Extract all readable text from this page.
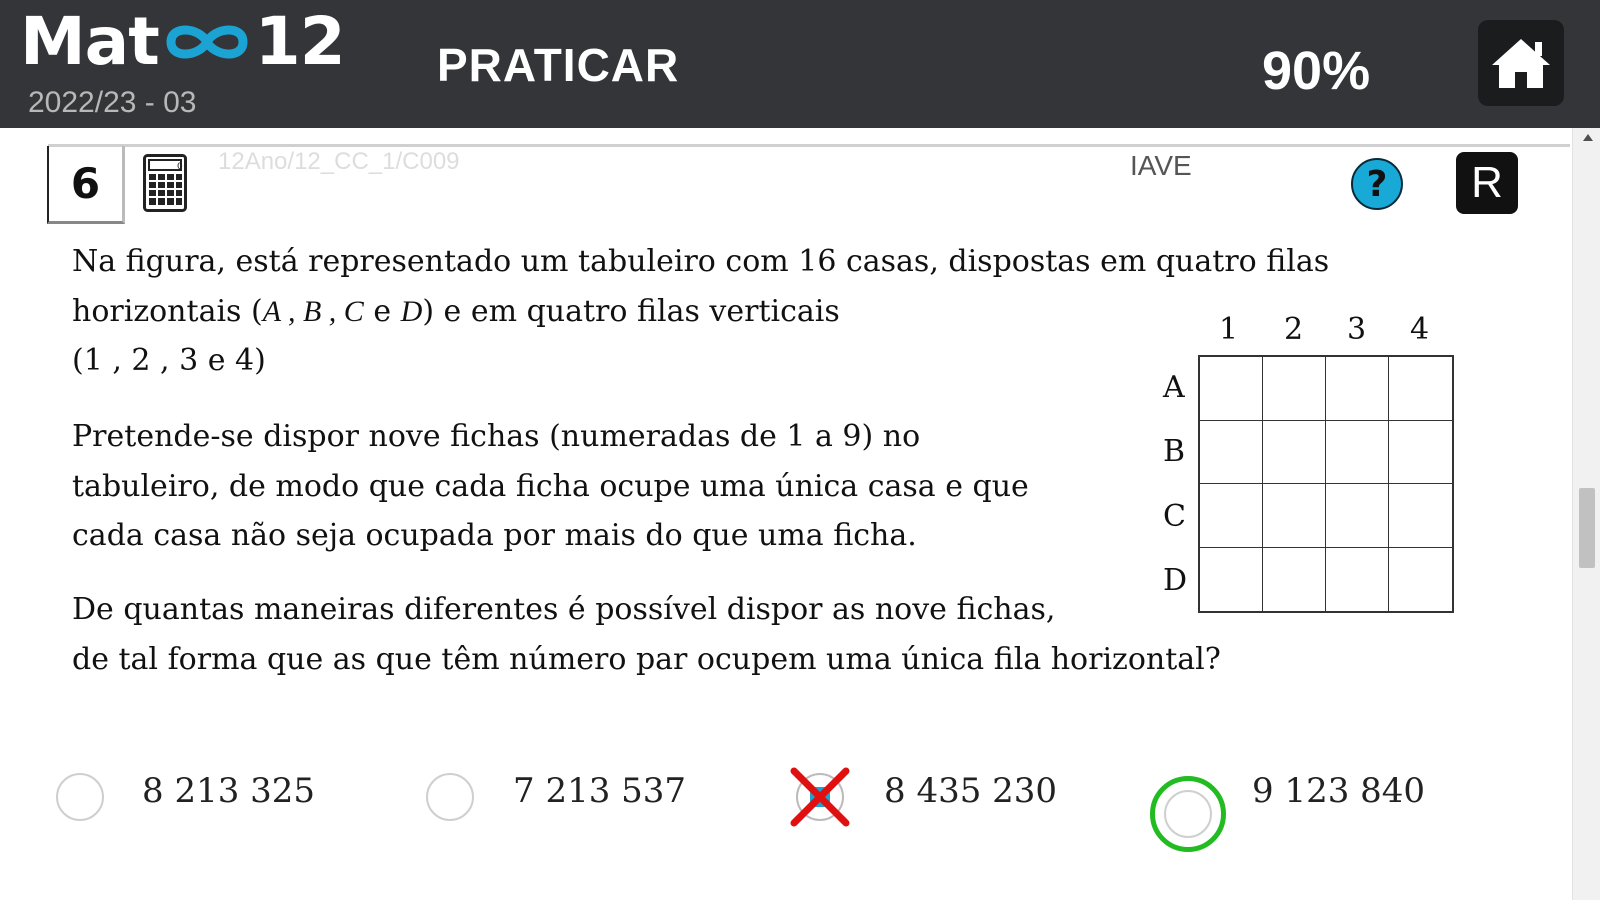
Mat 12
2022/23 - 03
PRATICAR	90%
6	0 12Ano/12_CC_1/C009	IAVE	?	R
Na figura, está representado um tabuleiro com 16 casas, dispostas em quatro filas
horizontais (A , B , C e D) e em quatro filas verticais
(1 , 2 , 3 e 4)
Pretende-se dispor nove fichas (numeradas de 1 a 9) no
tabuleiro, de modo que cada ficha ocupe uma única casa e que
cada casa não seja ocupada por mais do que uma ficha.
De quantas maneiras diferentes é possível dispor as nove fichas,
de tal forma que as que têm número par ocupem uma única fila horizontal?
1 2 3 4
A
B
C
D
8 213 325	7 213 537	8 435 230	9 123 840
